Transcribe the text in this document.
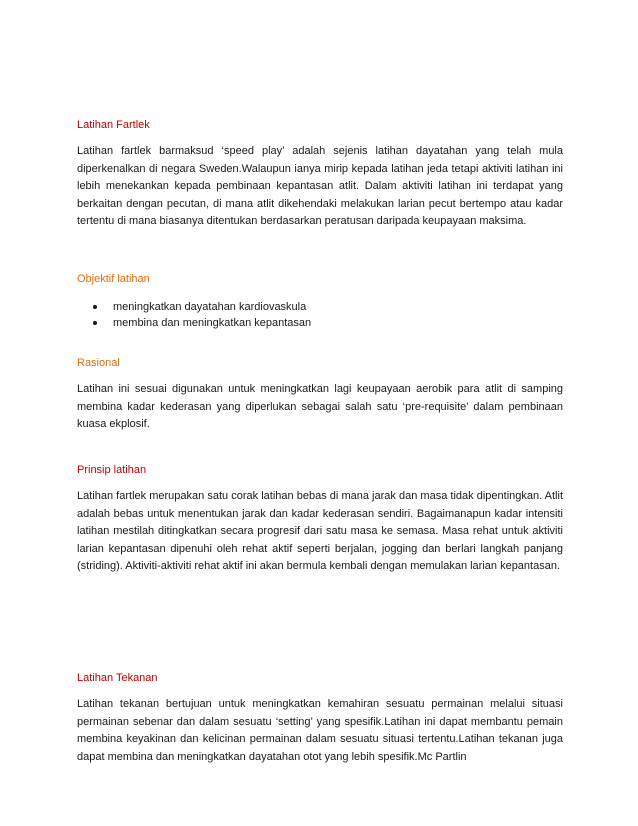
Latihan Fartlek

Latihan fartlek barmaksud ‘speed play’ adalah sejenis latihan dayatahan yang telah mula diperkenalkan di negara Sweden.Walaupun ianya mirip kepada latihan jeda tetapi aktiviti latihan ini lebih menekankan kepada pembinaan kepantasan atlit. Dalam aktiviti latihan ini terdapat yang berkaitan dengan pecutan, di mana atlit dikehendaki melakukan larian pecut bertempo atau kadar tertentu di mana biasanya ditentukan berdasarkan peratusan daripada keupayaan maksima.

Objektif latihan
meningkatkan dayatahan kardiovaskula
membina dan meningkatkan kepantasan
Rasional

Latihan ini sesuai digunakan untuk meningkatkan lagi keupayaan aerobik para atlit di samping membina kadar kederasan yang diperlukan sebagai salah satu ‘pre-requisite’ dalam pembinaan kuasa ekplosif.

Prinsip latihan

Latihan fartlek merupakan satu corak latihan bebas di mana jarak dan masa tidak dipentingkan. Atlit adalah bebas untuk menentukan jarak dan kadar kederasan sendiri. Bagaimanapun kadar intensiti latihan mestilah ditingkatkan secara progresif dari satu masa ke semasa. Masa rehat untuk aktiviti larian kepantasan dipenuhi oleh rehat aktif seperti berjalan, jogging dan berlari langkah panjang (striding). Aktiviti-aktiviti rehat aktif ini akan bermula kembali dengan memulakan larian kepantasan.

Latihan Tekanan

Latihan tekanan bertujuan untuk meningkatkan kemahiran sesuatu permainan melalui situasi permainan sebenar dan dalam sesuatu ‘setting’ yang spesifik.Latihan ini dapat membantu pemain membina keyakinan dan kelicinan permainan dalam sesuatu situasi tertentu.Latihan tekanan juga dapat membina dan meningkatkan dayatahan otot yang lebih spesifik.Mc Partlin
